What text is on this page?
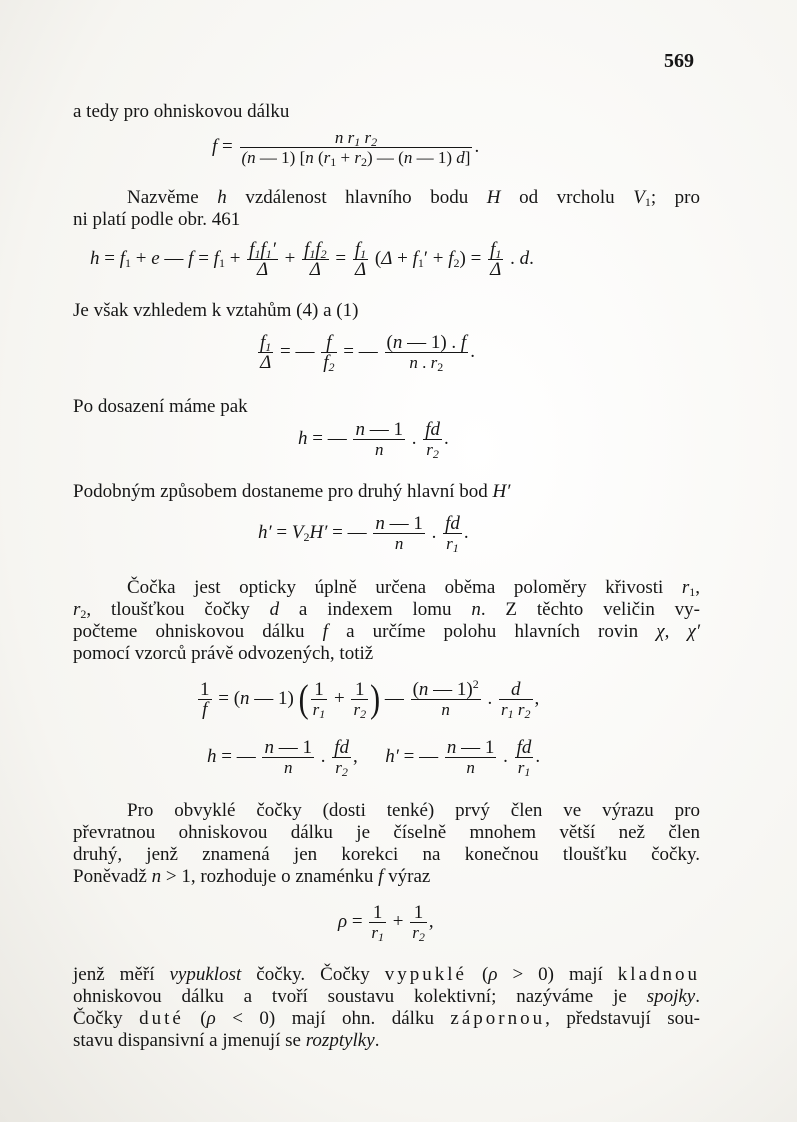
569
a tedy pro ohniskovou dálku
$f = \frac{n r_1 r_2}{(n — 1) [n (r_1 + r_2) — (n — 1) d]}$ .
Nazvěme h vzdálenost hlavního bodu H od vrcholu $V_1$; pro
ni platí podle obr. 461
$h = f_1 + e$ — $f = f_1 + \frac{f_1f_1'}{\Delta} + \frac{f_1f_2}{\Delta} = \frac{f_1}{\Delta} (\Delta + f_1' + f_2) = \frac{f_1}{\Delta}$ . d.
Je však vzhledem k vztahům (4) a (1)
$\frac{f_1}{\Delta}$ = — $\frac{f}{f_2}$ = — $\frac{(n — 1) . f}{n . r_2}$ .
Po dosazení máme pak
h = — $\frac{n — 1}{n}$ . $\frac{fd}{r_2}$ .
Podobným způsobem dostaneme pro druhý hlavní bod H′
$h' = V_2H'$ = — $\frac{n — 1}{n}$ . $\frac{fd}{r_1}$ .
Čočka jest opticky úplně určena oběma poloměry křivosti $r_1$,
$r_2$, tloušťkou čočky d a indexem lomu n. Z těchto veličin vy-
počteme ohniskovou dálku f a určíme polohu hlavních rovin χ, χ′
pomocí vzorců právě odvozených, totiž
$\frac{1}{f} = (n$ — 1) ( $\frac{1}{r_1} + \frac{1}{r_2}$ ) — $\frac{(n — 1)^2}{n}$ . $\frac{d}{r_1 r_2}$ ,
h = — $\frac{n — 1}{n}$ . $\frac{fd}{r_2}$ ,  h′ = — $\frac{n — 1}{n}$ . $\frac{fd}{r_1}$ .
Pro obvyklé čočky (dosti tenké) prvý člen ve výrazu pro
převratnou ohniskovou dálku je číselně mnohem větší než člen
druhý, jenž znamená jen korekci na konečnou tloušťku čočky.
Poněvadž n > 1, rozhoduje o znaménku f výraz
$\rho = \frac{1}{r_1} + \frac{1}{r_2}$ ,
jenž měří vypuklost čočky. Čočky vypuklé (ρ > 0) mají kladnou
ohniskovou dálku a tvoří soustavu kolektivní; nazýváme je spojky.
Čočky duté (ρ < 0) mají ohn. dálku zápornou, představují sou-
stavu dispansivní a jmenují se rozptylky.
